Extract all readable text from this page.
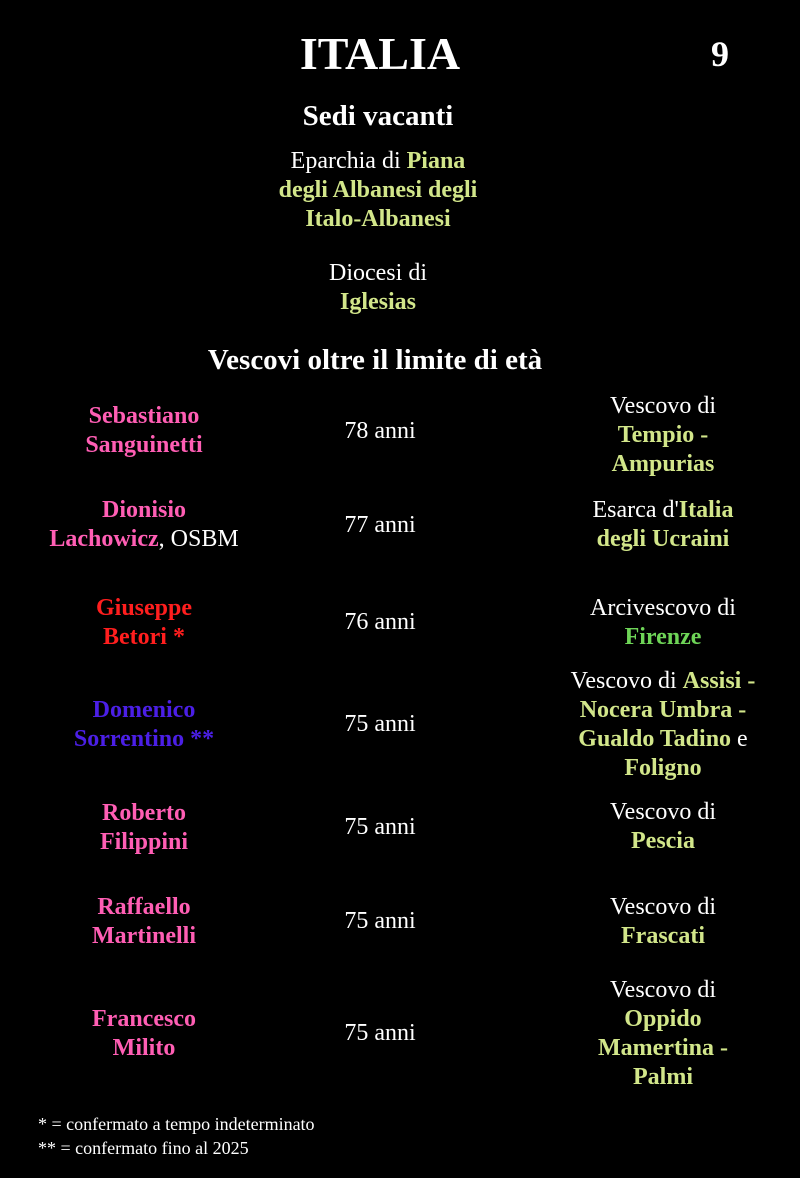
ITALIA	9
Sedi vacanti
Eparchia di Piana
degli Albanesi degli
Italo-Albanesi
Diocesi di
Iglesias
Vescovi oltre il limite di età
Sebastiano
Sanguinetti
78 anni
Vescovo di
Tempio -
Ampurias
Dionisio
Lachowicz, OSBM
77 anni
Esarca d'Italia
degli Ucraini
Giuseppe
Betori *
76 anni
Arcivescovo di
Firenze
Domenico
Sorrentino **
75 anni
Vescovo di Assisi -
Nocera Umbra -
Gualdo Tadino e
Foligno
Roberto
Filippini
75 anni
Vescovo di
Pescia
Raffaello
Martinelli
75 anni
Vescovo di
Frascati
Francesco
Milito
75 anni
Vescovo di
Oppido
Mamertina -
Palmi
* = confermato a tempo indeterminato
** = confermato fino al 2025
